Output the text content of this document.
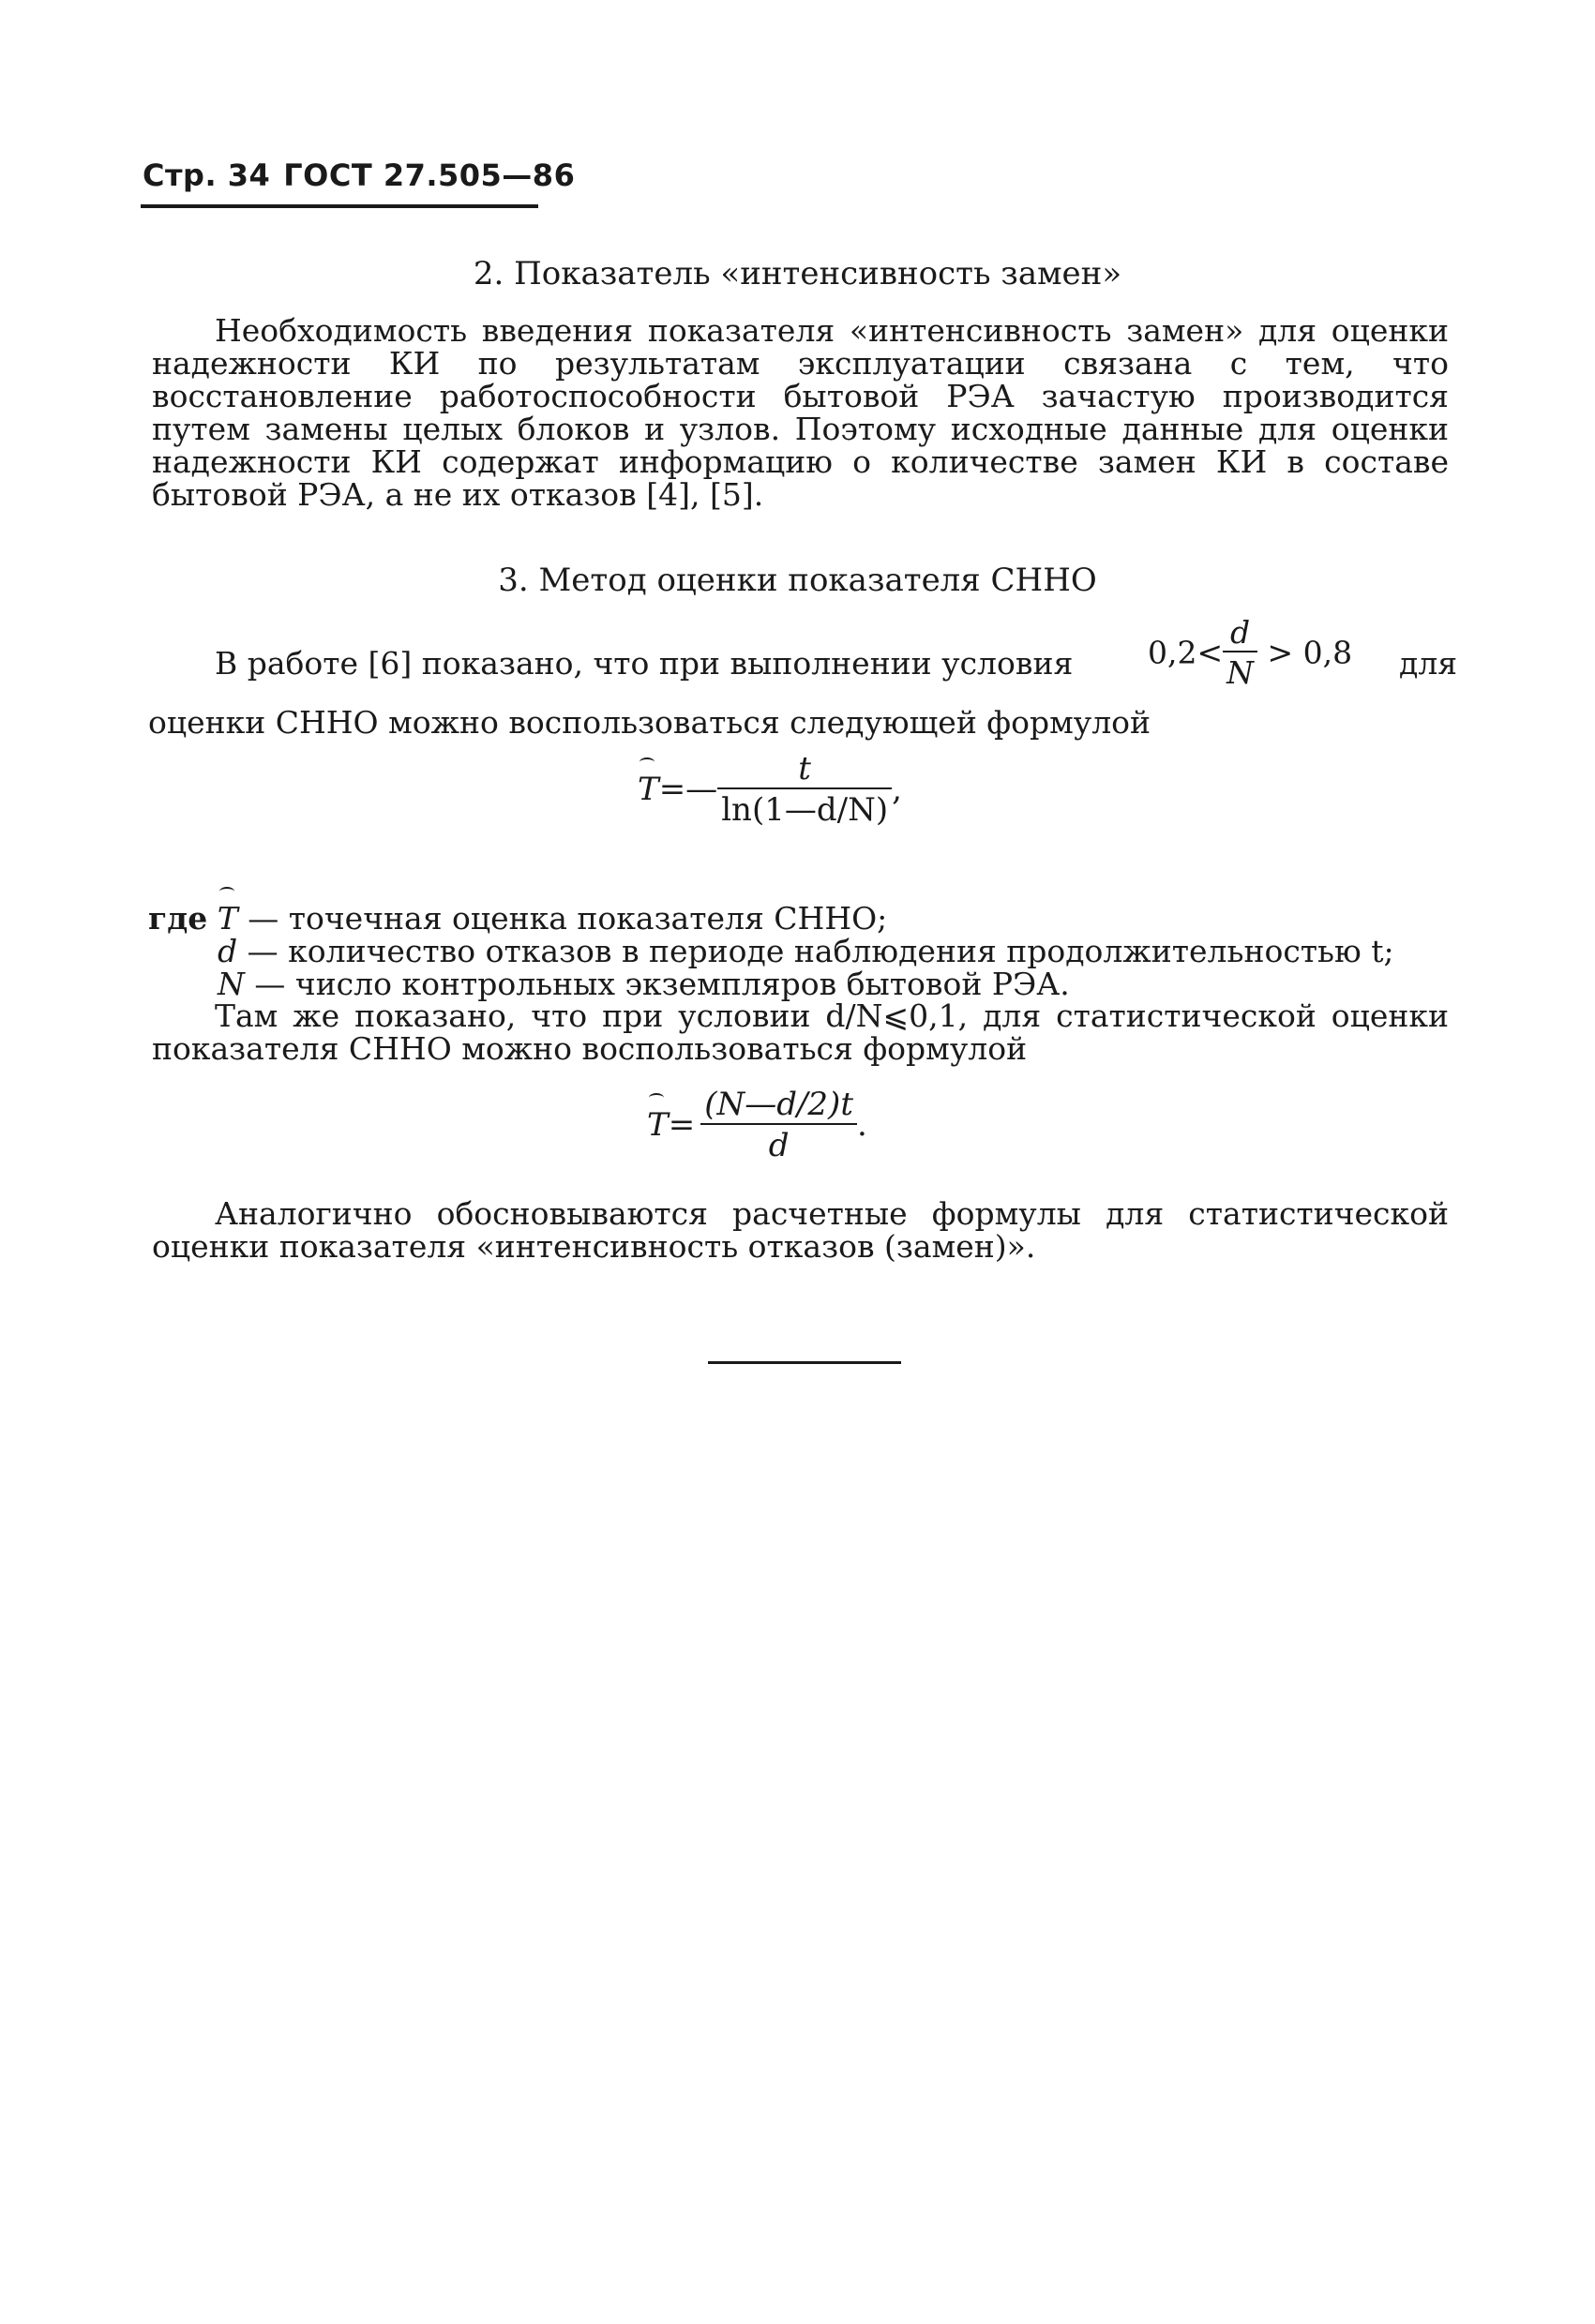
Стр. 34 ГОСТ 27.505—86
2. Показатель «интенсивность замен»
Необходимость введения показателя «интенсивность замен» для оценки надежности КИ по результатам эксплуатации связана с тем, что восстановление работоспособности бытовой РЭА зачастую производится путем замены целых блоков и узлов. Поэтому исходные данные для оценки надежности КИ содержат информацию о количестве замен КИ в составе бытовой РЭА, а не их отказов [4], [5].
3. Метод оценки показателя СННО
В работе [6] показано, что при выполнении условия $0,2< \frac{d}{N} > 0,8$ для
оценки СННО можно воспользоваться следующей формулой
T=— $\frac{t}{\ln(1—d/N)}$ ,
где T — точечная оценка показателя СННО;
d — количество отказов в периоде наблюдения продолжительностью t;
N — число контрольных экземпляров бытовой РЭА.
Там же показано, что при условии d/N⩽0,1, для статистической оценки показателя СННО можно воспользоваться формулой
$T= \frac{(N—d/2)t}{d}$ .
Аналогично обосновываются расчетные формулы для статистической оценки показателя «интенсивность отказов (замен)».
